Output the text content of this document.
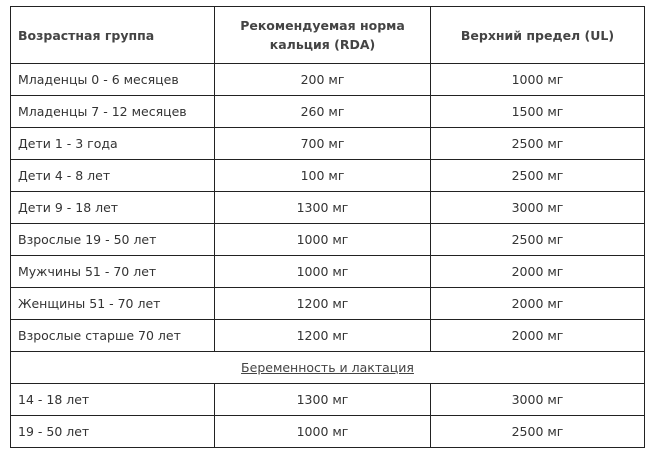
Возрастная группа	Рекомендуемая норма кальция (RDA)	Верхний предел (UL)
Младенцы 0 - 6 месяцев	200 мг	1000 мг
Младенцы 7 - 12 месяцев	260 мг	1500 мг
Дети 1 - 3 года	700 мг	2500 мг
Дети 4 - 8 лет	100 мг	2500 мг
Дети 9 - 18 лет	1300 мг	3000 мг
Взрослые 19 - 50 лет	1000 мг	2500 мг
Мужчины 51 - 70 лет	1000 мг	2000 мг
Женщины 51 - 70 лет	1200 мг	2000 мг
Взрослые старше 70 лет	1200 мг	2000 мг
Беременность и лактация		
14 - 18 лет	1300 мг	3000 мг
19 - 50 лет	1000 мг	2500 мг
